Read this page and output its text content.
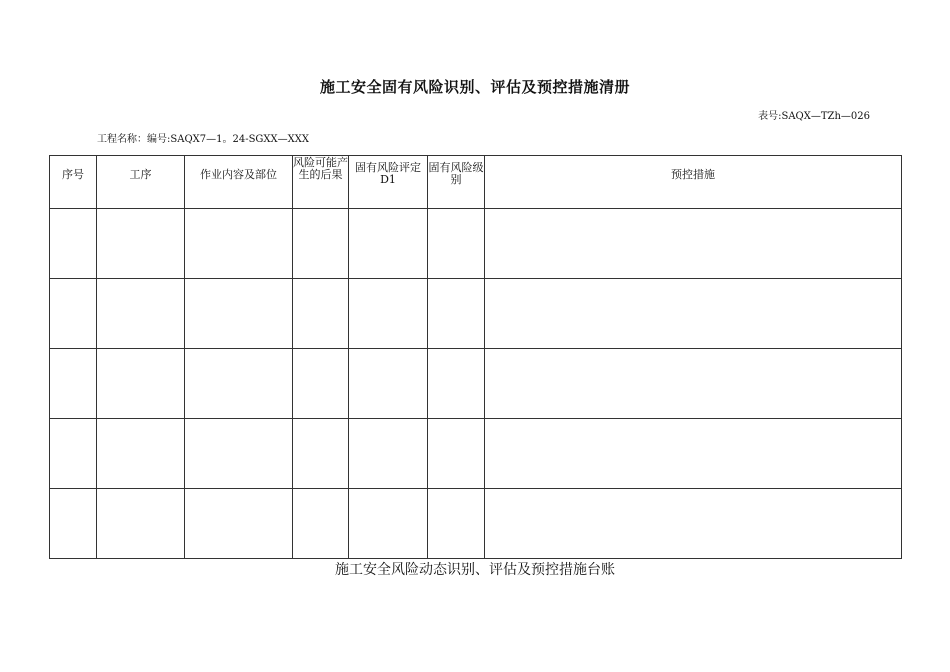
施工安全固有风险识别、评估及预控措施清册
表号:SAQX—TZh—026
工程名称：编号:SAQX7—1。24-SGXX—XXX
序号	工序	作业内容及部位	风险可能产生的后果	固有风险评定D1	固有风险级别	预控措施

施工安全风险动态识别、评估及预控措施台账
